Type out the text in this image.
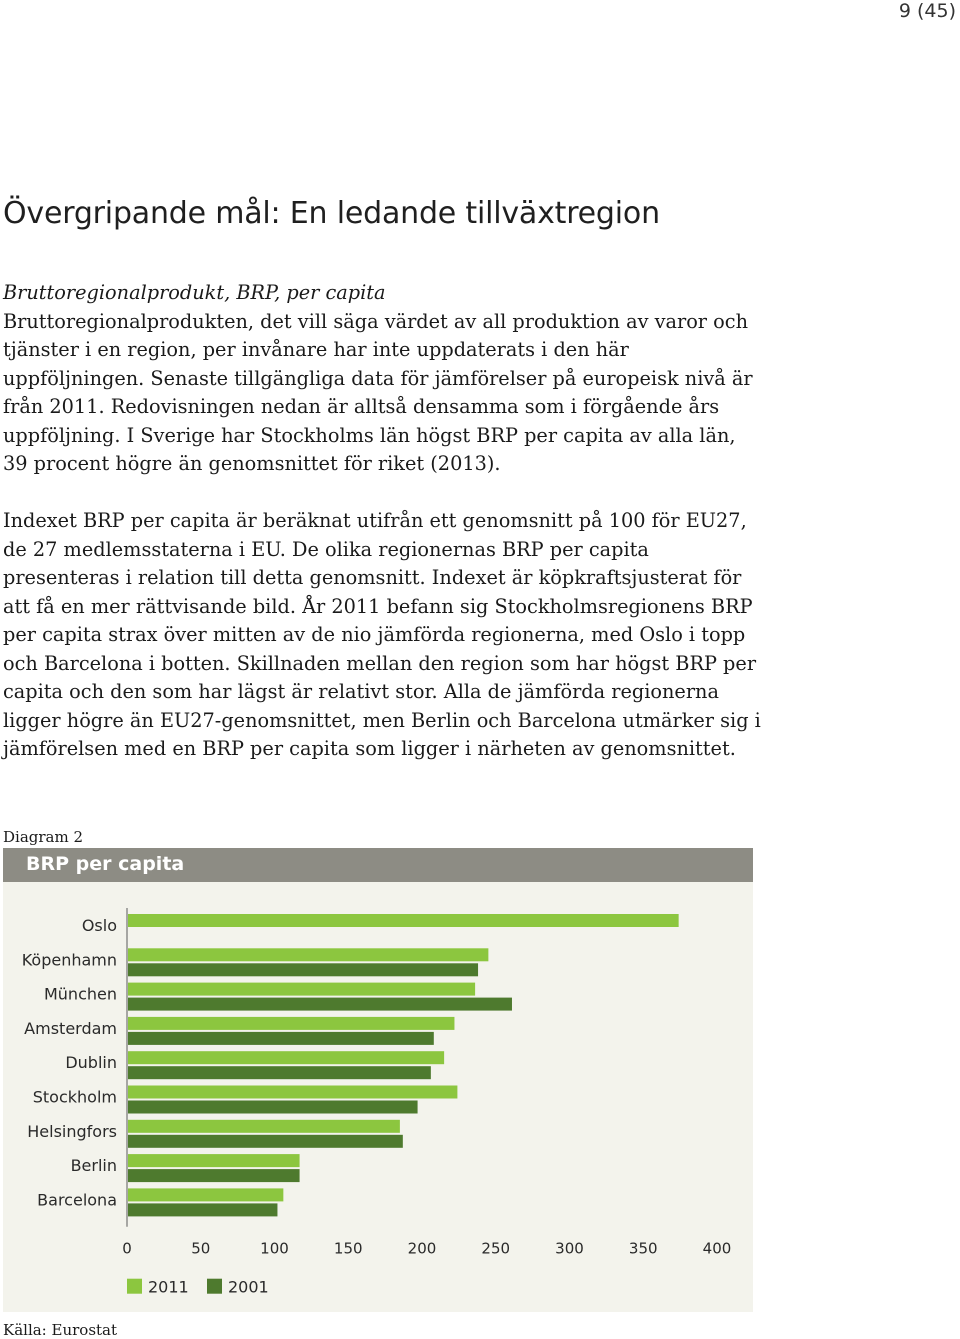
9 (45)
Övergripande mål: En ledande tillväxtregion

Bruttoregionalprodukt, BRP, per capita
Bruttoregionalprodukten, det vill säga värdet av all produktion av varor och tjänster i en region, per invånare har inte uppdaterats i den här uppföljningen. Senaste tillgängliga data för jämförelser på europeisk nivå är från 2011. Redovisningen nedan är alltså densamma som i förgående års uppföljning. I Sverige har Stockholms län högst BRP per capita av alla län, 39 procent högre än genomsnittet för riket (2013).

Indexet BRP per capita är beräknat utifrån ett genomsnitt på 100 för EU27, de 27 medlemsstaterna i EU. De olika regionernas BRP per capita presenteras i relation till detta genomsnitt. Indexet är köpkraftsjusterat för att få en mer rättvisande bild. År 2011 befann sig Stockholmsregionens BRP per capita strax över mitten av de nio jämförda regionerna, med Oslo i topp och Barcelona i botten. Skillnaden mellan den region som har högst BRP per capita och den som har lägst är relativt stor. Alla de jämförda regionerna ligger högre än EU27-genomsnittet, men Berlin och Barcelona utmärker sig i jämförelsen med en BRP per capita som ligger i närheten av genomsnittet.

Diagram 2
BRP per capita
Oslo
Köpenhamn
München
Amsterdam
Dublin
Stockholm
Helsingfors
Berlin
Barcelona
0	50	100	150	200	250	300	350	400
2011 2001
Källa: Eurostat
